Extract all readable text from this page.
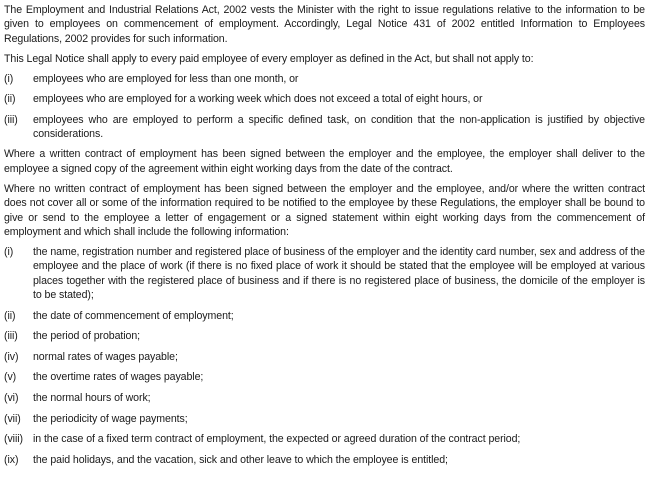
The Employment and Industrial Relations Act, 2002 vests the Minister with the right to issue regulations relative to the information to be given to employees on commencement of employment. Accordingly, Legal Notice 431 of 2002 entitled Information to Employees Regulations, 2002 provides for such information.

This Legal Notice shall apply to every paid employee of every employer as defined in the Act, but shall not apply to:

(i)	employees who are employed for less than one month, or
(ii)	employees who are employed for a working week which does not exceed a total of eight hours, or
(iii)	employees who are employed to perform a specific defined task, on condition that the non-application is justified by objective considerations.

Where a written contract of employment has been signed between the employer and the employee, the employer shall deliver to the employee a signed copy of the agreement within eight working days from the date of the contract.

Where no written contract of employment has been signed between the employer and the employee, and/or where the written contract does not cover all or some of the information required to be notified to the employee by these Regulations, the employer shall be bound to give or send to the employee a letter of engagement or a signed statement within eight working days from the commencement of employment and which shall include the following information:

(i)	the name, registration number and registered place of business of the employer and the identity card number, sex and address of the employee and the place of work (if there is no fixed place of work it should be stated that the employee will be employed at various places together with the registered place of business and if there is no registered place of business, the domicile of the employer is to be stated);
(ii)	the date of commencement of employment;
(iii)	the period of probation;
(iv)	normal rates of wages payable;
(v)	the overtime rates of wages payable;
(vi)	the normal hours of work;
(vii)	the periodicity of wage payments;
(viii) in the case of a fixed term contract of employment, the expected or agreed duration of the contract period;
(ix)	the paid holidays, and the vacation, sick and other leave to which the employee is entitled;
